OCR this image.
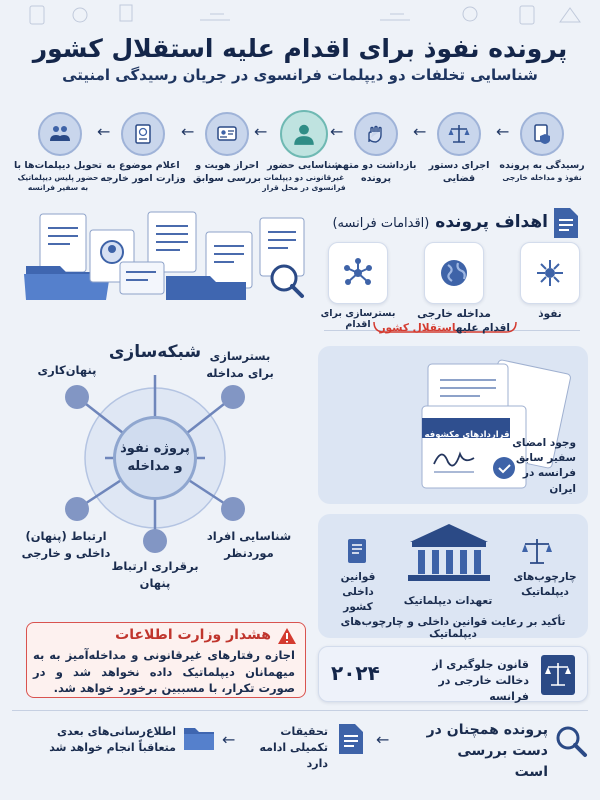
پرونده نفوذ برای اقدام علیه استقلال کشور
شناسایی تخلفات دو دیپلمات فرانسوی در جریان رسیدگی امنیتی
رسیدگی به پرونده
نفوذ و مداخله خارجی
←
اجرای دستور قضایی
←
بازداشت دو متهم پرونده
←
شناسایی حضور
غیرقانونی دو دیپلمات فرانسوی در محل قرار
←
احراز هویت و بررسی سوابق
←
اعلام موضوع به وزارت امور خارجه
←
تحویل دیپلمات‌ها با
حضور پلیس دیپلماتیک به سفیر فرانسه
اهداف پرونده (اقدامات فرانسه)
نفوذ
مداخله خارجی
بسترسازی برای اقدام	اقدام علیهاستقلال کشور
شبکه‌سازی
پروژه نفوذ و مداخله
بسترسازی برای مداخله
پنهان‌کاری
ارتباط (پنهان) داخلی و خارجی
برقراری ارتباط پنهان
شناسایی افراد موردنظر
قراردادهای مکشوفه
وجود امضای سفیر سابق فرانسه در ایران
چارچوب‌های دیپلماتیک
تعهدات دیپلماتیک
قوانین داخلی کشور
تأکید بر رعایت قوانین داخلی و چارچوب‌های دیپلماتیک
قانون جلوگیری از دخالت خارجی در فرانسه
۲۰۲۴
هشدار وزارت اطلاعات
اجازه رفتارهای غیرقانونی و مداخله‌آمیز به به میهمانان دیپلماتیک داده نخواهد شد و در صورت تکرار، با مسببین برخورد خواهد شد.
پرونده همچنان در دست بررسی است
←
تحقیقات تکمیلی ادامه دارد
←
اطلاع‌رسانی‌های بعدی متعاقباً انجام خواهد شد
